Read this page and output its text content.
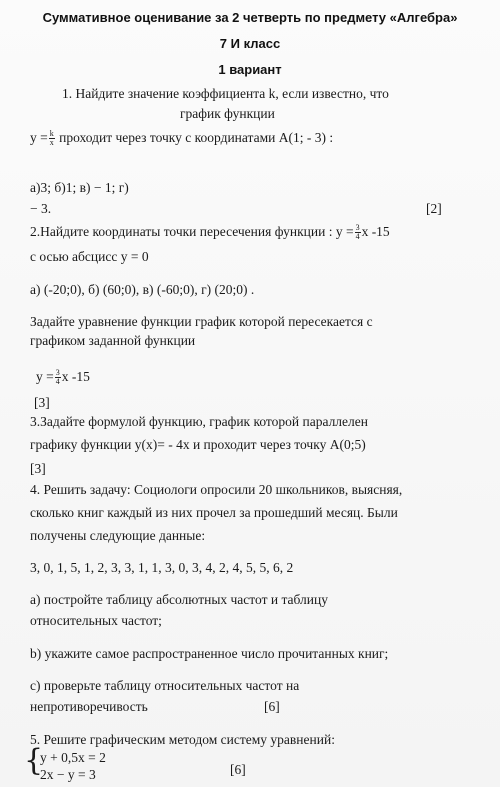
Суммативное оценивание за 2 четверть по предмету «Алгебра»
7 И класс
1 вариант
1. Найдите значение коэффициента k, если известно, что
график функции
$y = \frac{k}{x}$ проходит через точку с координатами A(1; - 3) :
а)3; б)1; в) − 1; г)
− 3.	[2]
2.Найдите координаты точки пересечения функции : $y = \frac{3}{4}$ x -15
с осью абсцисс y = 0
а) (-20;0), б) (60;0), в) (-60;0), г) (20;0) .
Задайте уравнение функции график которой пересекается с
графиком заданной функции
$y = \frac{3}{4}$ x -15
[3]
3.Задайте формулой функцию, график которой параллелен
графику функции y(x)= - 4x и проходит через точку A(0;5)
[3]
4. Решить задачу: Социологи опросили 20 школьников, выясняя,
сколько книг каждый из них прочел за прошедший месяц. Были
получены следующие данные:
3, 0, 1, 5, 1, 2, 3, 3, 1, 1, 3, 0, 3, 4, 2, 4, 5, 5, 6, 2
a) постройте таблицу абсолютных частот и таблицу
относительных частот;
b) укажите самое распространенное число прочитанных книг;
c) проверьте таблицу относительных частот на
непротиворечивость	[6]
5. Решите графическим методом систему уравнений:
{
y + 0,5x = 2
2x − y = 3	[6]
